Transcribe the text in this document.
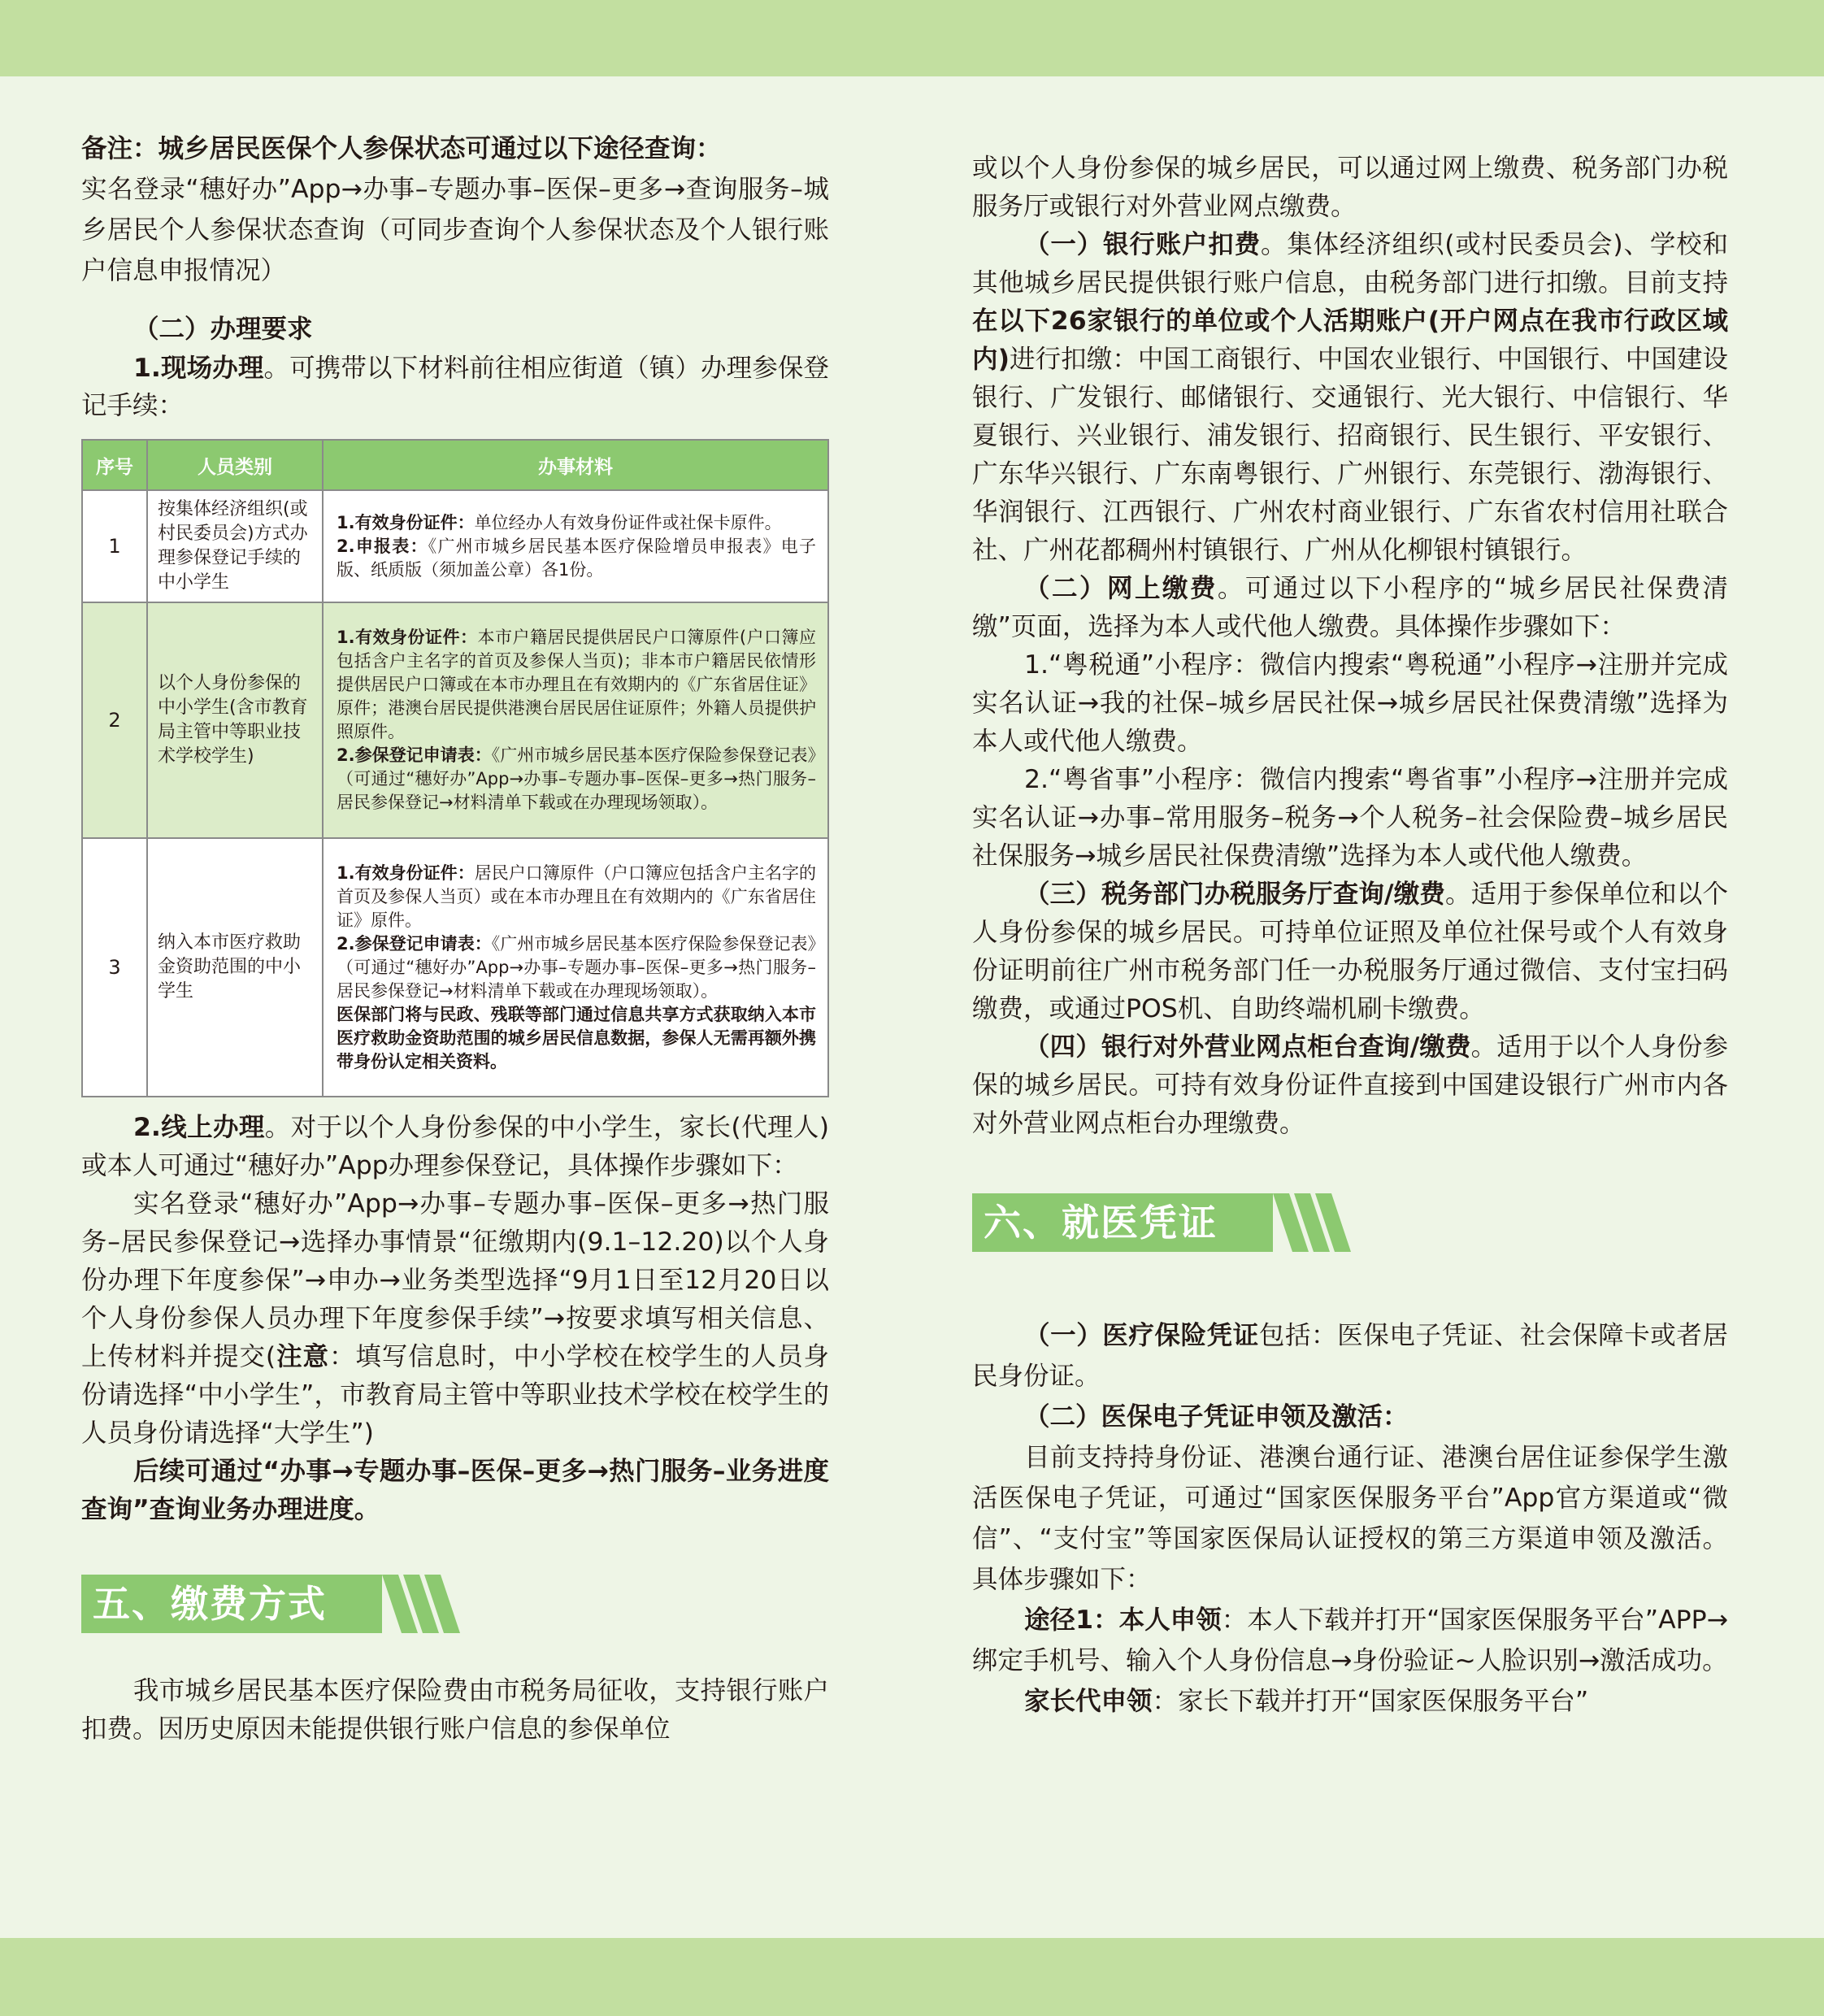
备注：城乡居民医保个人参保状态可通过以下途径查询：

实名登录“穗好办”App→办事–专题办事–医保–更多→查询服务–城乡居民个人参保状态查询（可同步查询个人参保状态及个人银行账户信息申报情况）

（二）办理要求

1.现场办理。可携带以下材料前往相应街道（镇）办理参保登记手续：

序号	人员类别	办事材料
1	按集体经济组织(或村民委员会)方式办理参保登记手续的中小学生	1.有效身份证件：单位经办人有效身份证件或社保卡原件。
2.申报表：《广州市城乡居民基本医疗保险增员申报表》电子版、纸质版（须加盖公章）各1份。

2	以个人身份参保的中小学生(含市教育局主管中等职业技术学校学生)	1.有效身份证件：本市户籍居民提供居民户口簿原件(户口簿应包括含户主名字的首页及参保人当页)；非本市户籍居民依情形提供居民户口簿或在本市办理且在有效期内的《广东省居住证》原件；港澳台居民提供港澳台居民居住证原件；外籍人员提供护照原件。
2.参保登记申请表：《广州市城乡居民基本医疗保险参保登记表》（可通过“穗好办”App→办事–专题办事–医保–更多→热门服务–居民参保登记→材料清单下载或在办理现场领取）。

3	纳入本市医疗救助金资助范围的中小学生	1.有效身份证件：居民户口簿原件（户口簿应包括含户主名字的首页及参保人当页）或在本市办理且在有效期内的《广东省居住证》原件。
2.参保登记申请表：《广州市城乡居民基本医疗保险参保登记表》（可通过“穗好办”App→办事–专题办事–医保–更多→热门服务–居民参保登记→材料清单下载或在办理现场领取）。
医保部门将与民政、残联等部门通过信息共享方式获取纳入本市医疗救助金资助范围的城乡居民信息数据，参保人无需再额外携带身份认定相关资料。

2.线上办理。对于以个人身份参保的中小学生，家长(代理人)或本人可通过“穗好办”App办理参保登记，具体操作步骤如下：

实名登录“穗好办”App→办事–专题办事–医保–更多→热门服务–居民参保登记→选择办事情景“征缴期内(9.1–12.20)以个人身份办理下年度参保”→申办→业务类型选择“9月1日至12月20日以个人身份参保人员办理下年度参保手续”→按要求填写相关信息、上传材料并提交(注意：填写信息时，中小学校在校学生的人员身份请选择“中小学生”，市教育局主管中等职业技术学校在校学生的人员身份请选择“大学生”)

后续可通过“办事→专题办事–医保–更多→热门服务–业务进度查询”查询业务办理进度。

五、缴费方式

我市城乡居民基本医疗保险费由市税务局征收，支持银行账户扣费。因历史原因未能提供银行账户信息的参保单位

或以个人身份参保的城乡居民，可以通过网上缴费、税务部门办税服务厅或银行对外营业网点缴费。

（一）银行账户扣费。集体经济组织(或村民委员会)、学校和其他城乡居民提供银行账户信息，由税务部门进行扣缴。目前支持在以下26家银行的单位或个人活期账户(开户网点在我市行政区域内)进行扣缴：中国工商银行、中国农业银行、中国银行、中国建设银行、广发银行、邮储银行、交通银行、光大银行、中信银行、华夏银行、兴业银行、浦发银行、招商银行、民生银行、平安银行、广东华兴银行、广东南粤银行、广州银行、东莞银行、渤海银行、华润银行、江西银行、广州农村商业银行、广东省农村信用社联合社、广州花都稠州村镇银行、广州从化柳银村镇银行。

（二）网上缴费。可通过以下小程序的“城乡居民社保费清缴”页面，选择为本人或代他人缴费。具体操作步骤如下：

1.“粤税通”小程序：微信内搜索“粤税通”小程序→注册并完成实名认证→我的社保–城乡居民社保→城乡居民社保费清缴”选择为本人或代他人缴费。

2.“粤省事”小程序：微信内搜索“粤省事”小程序→注册并完成实名认证→办事–常用服务–税务→个人税务–社会保险费–城乡居民社保服务→城乡居民社保费清缴”选择为本人或代他人缴费。

（三）税务部门办税服务厅查询/缴费。适用于参保单位和以个人身份参保的城乡居民。可持单位证照及单位社保号或个人有效身份证明前往广州市税务部门任一办税服务厅通过微信、支付宝扫码缴费，或通过POS机、自助终端机刷卡缴费。

（四）银行对外营业网点柜台查询/缴费。适用于以个人身份参保的城乡居民。可持有效身份证件直接到中国建设银行广州市内各对外营业网点柜台办理缴费。

六、就医凭证

（一）医疗保险凭证包括：医保电子凭证、社会保障卡或者居民身份证。

（二）医保电子凭证申领及激活：

目前支持持身份证、港澳台通行证、港澳台居住证参保学生激活医保电子凭证，可通过“国家医保服务平台”App官方渠道或“微信”、“支付宝”等国家医保局认证授权的第三方渠道申领及激活。具体步骤如下：

途径1：本人申领：本人下载并打开“国家医保服务平台”APP→绑定手机号、输入个人身份信息→身份验证~人脸识别→激活成功。

家长代申领：家长下载并打开“国家医保服务平台”
